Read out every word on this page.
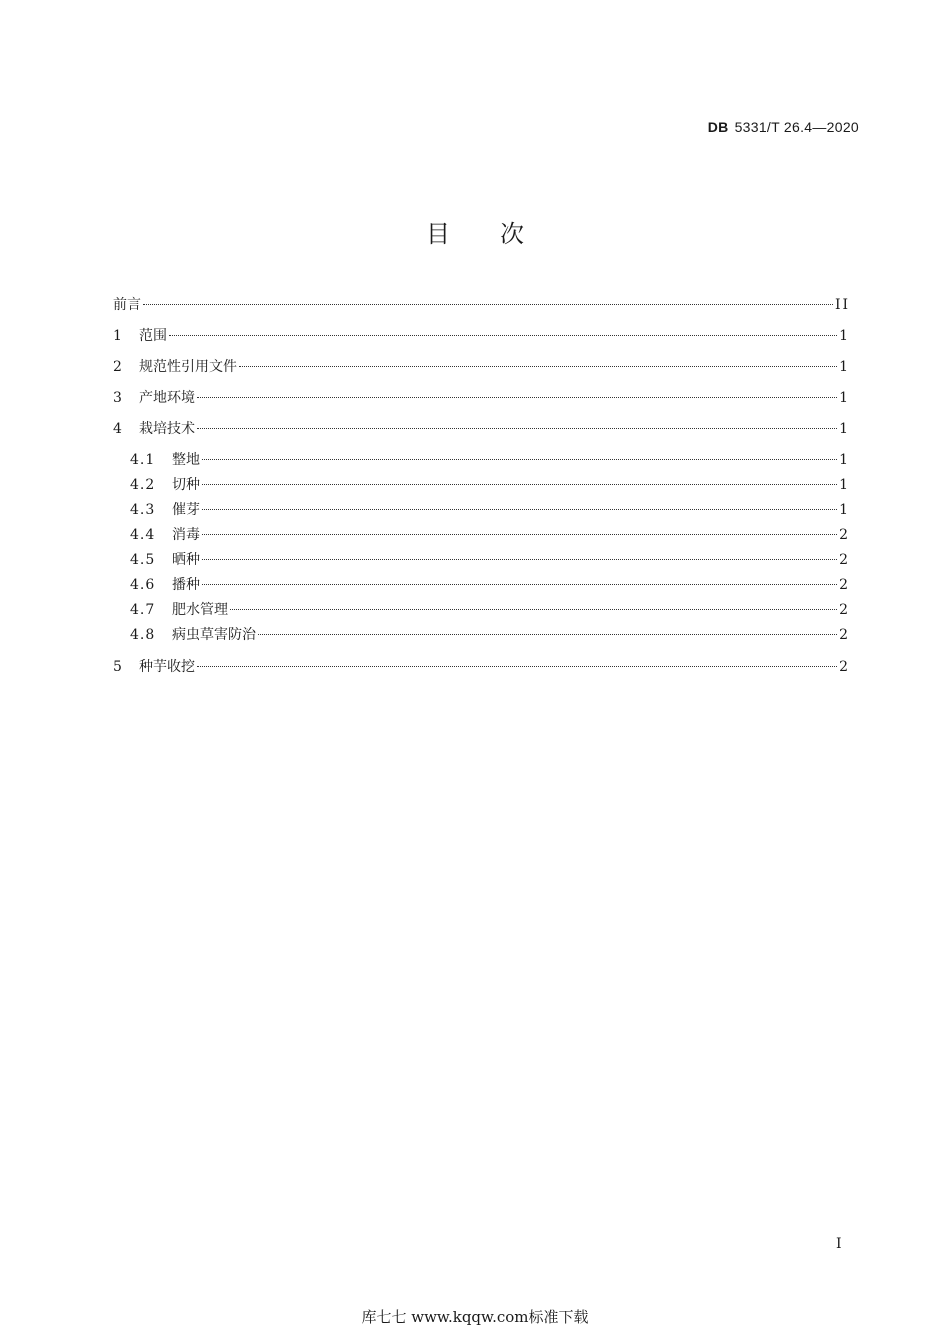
DB 5331/T 26.4—2020
目次
前言	II
1	范围	1
2	规范性引用文件	1
3	产地环境	1
4	栽培技术	1
4.1	整地	1
4.2	切种	1
4.3	催芽	1
4.4	消毒	2
4.5	晒种	2
4.6	播种	2
4.7	肥水管理	2
4.8	病虫草害防治	2
5	种芋收挖	2
I
库七七 www.kqqw.com标准下载
